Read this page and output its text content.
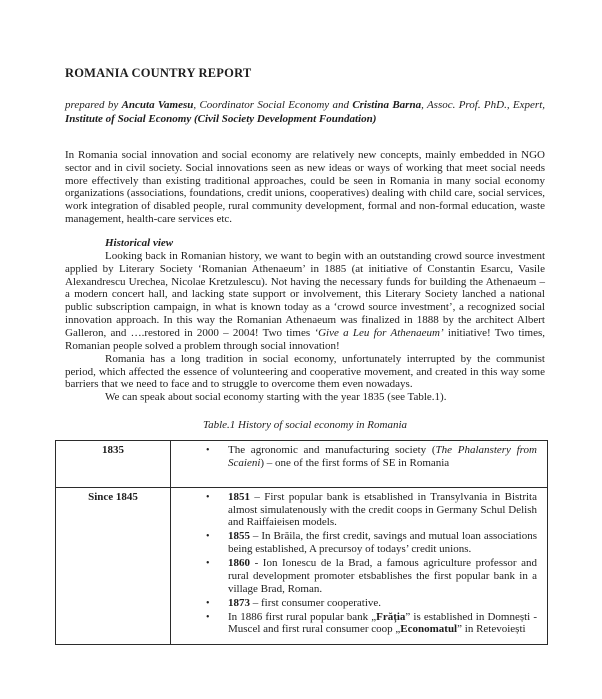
ROMANIA COUNTRY REPORT

prepared by Ancuta Vamesu, Coordinator Social Economy and Cristina Barna, Assoc. Prof. PhD., Expert, Institute of Social Economy (Civil Society Development Foundation)

In Romania social innovation and social economy are relatively new concepts, mainly embedded in NGO sector and in civil society. Social innovations seen as new ideas or ways of working that meet social needs more effectively than existing traditional approaches, could be seen in Romania in many social economy organizations (associations, foundations, credit unions, cooperatives) dealing with child care, social services, work integration of disabled people, rural community development, formal and non-formal education, waste management, health-care services etc.

Historical view

Looking back in Romanian history, we want to begin with an outstanding crowd source investment applied by Literary Society ‘Romanian Athenaeum’ in 1885 (at initiative of Constantin Esarcu, Vasile Alexandrescu Urechea, Nicolae Kretzulescu). Not having the necessary funds for building the Athenaeum – a modern concert hall, and lacking state support or involvement, this Literary Society lanched a national public subscription campaign, in what is known today as a ‘crowd source investment’, a recognized social innovation approach. In this way the Romanian Athenaeum was finalized in 1888 by the architect Albert Galleron, and ….restored in 2000 – 2004! Two times ‘Give a Leu for Athenaeum’ initiative! Two times, Romanian people solved a problem through social innovation!

Romania has a long tradition in social economy, unfortunately interrupted by the communist period, which affected the essence of volunteering and cooperative movement, and created in this way some barriers that we need to face and to struggle to overcome them even nowadays.

We can speak about social economy starting with the year 1835 (see Table.1).

Table.1 History of social economy in Romania

1835	• The agronomic and manufacturing society (The Phalanstery from Scaieni) – one of the first forms of SE in Romania

Since 1845	•	1851 – First popular bank is etsablished in Transylvania in Bistrita almost simulatenously with the credit coops in Germany Schul Delish and Raiffaieisen models.
•	1855 – In Brăila, the first credit, savings and mutual loan associations being established, A precursoy of todays’ credit unions.
•	1860 - Ion Ionescu de la Brad, a famous agriculture professor and rural development promoter etsbablishes the first popular bank in a village Brad, Roman.
•	1873 – first consumer cooperative.
•	In 1886 first rural popular bank „Frăția” is established in Domnești - Muscel and first rural consumer coop „Economatul” in Retevoiești
